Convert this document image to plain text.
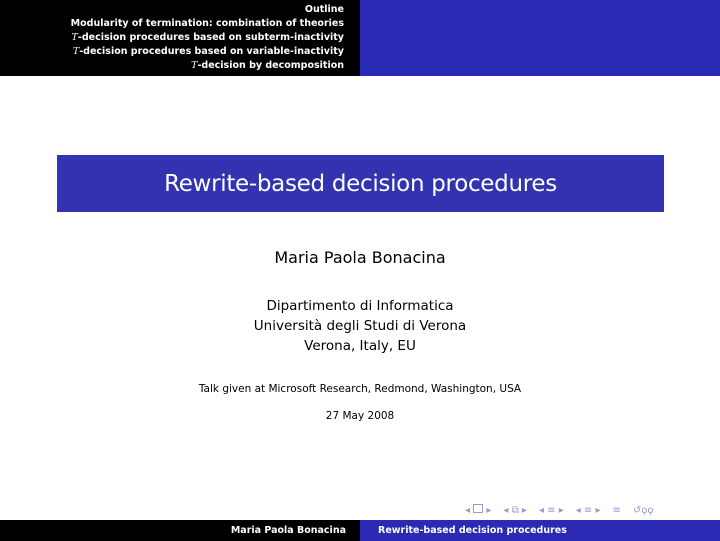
Outline
Modularity of termination: combination of theories
T-decision procedures based on subterm-inactivity
T-decision procedures based on variable-inactivity
T-decision by decomposition
Rewrite-based decision procedures
Maria Paola Bonacina
Dipartimento di Informatica
Università degli Studi di Verona
Verona, Italy, EU
Talk given at Microsoft Research, Redmond, Washington, USA
27 May 2008
◂  ▸ ◂ ⧉ ▸ ◂ ≡ ▸ ◂ ≡ ▸ ≡ ↺ϙϙ
Maria Paola Bonacina	Rewrite-based decision procedures
